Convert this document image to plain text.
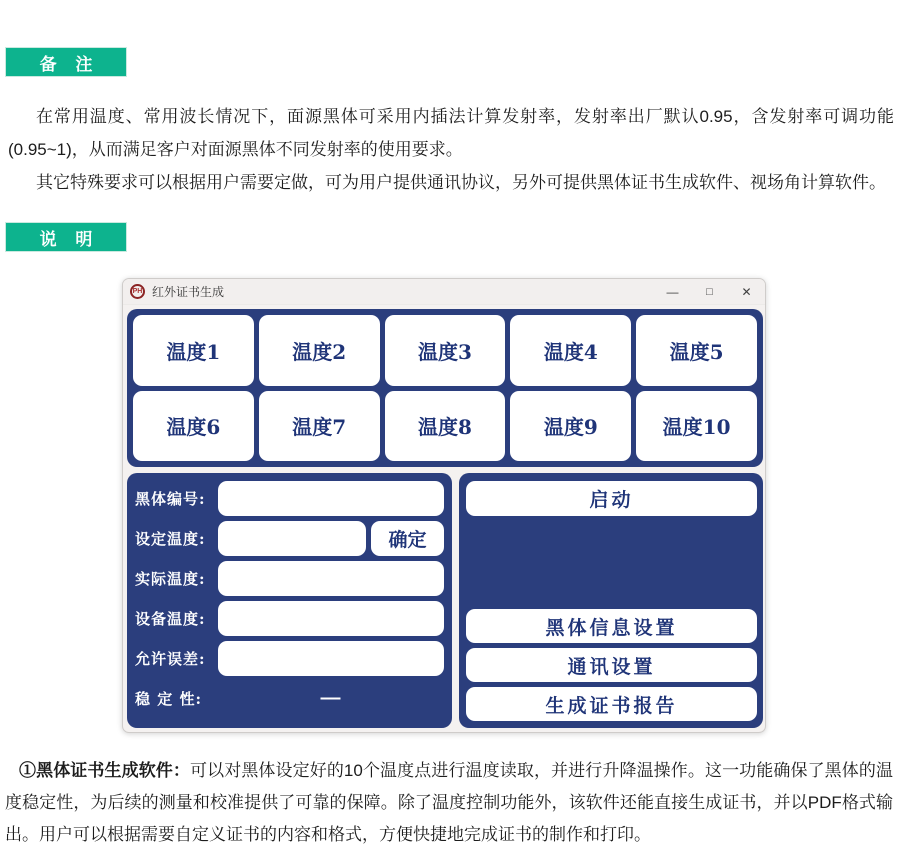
备 注

在常用温度、常用波长情况下，面源黑体可采用内插法计算发射率，发射率出厂默认0.95，含发射率可调功能(0.95~1)，从而满足客户对面源黑体不同发射率的使用要求。

其它特殊要求可以根据用户需要定做，可为用户提供通讯协议，另外可提供黑体证书生成软件、视场角计算软件。

说 明
PH 红外证书生成	—	□	✕
温度1	温度2	温度3	温度4	温度5
温度6	温度7	温度8	温度9	温度10
黑体编号:
设定温度:	确定
实际温度:
设备温度:
允许误差:
稳 定 性:	—
启动
黑体信息设置
通讯设置
生成证书报告

①黑体证书生成软件：可以对黑体设定好的10个温度点进行温度读取，并进行升降温操作。这一功能确保了黑体的温度稳定性，为后续的测量和校准提供了可靠的保障。除了温度控制功能外，该软件还能直接生成证书，并以PDF格式输出。用户可以根据需要自定义证书的内容和格式，方便快捷地完成证书的制作和打印。
